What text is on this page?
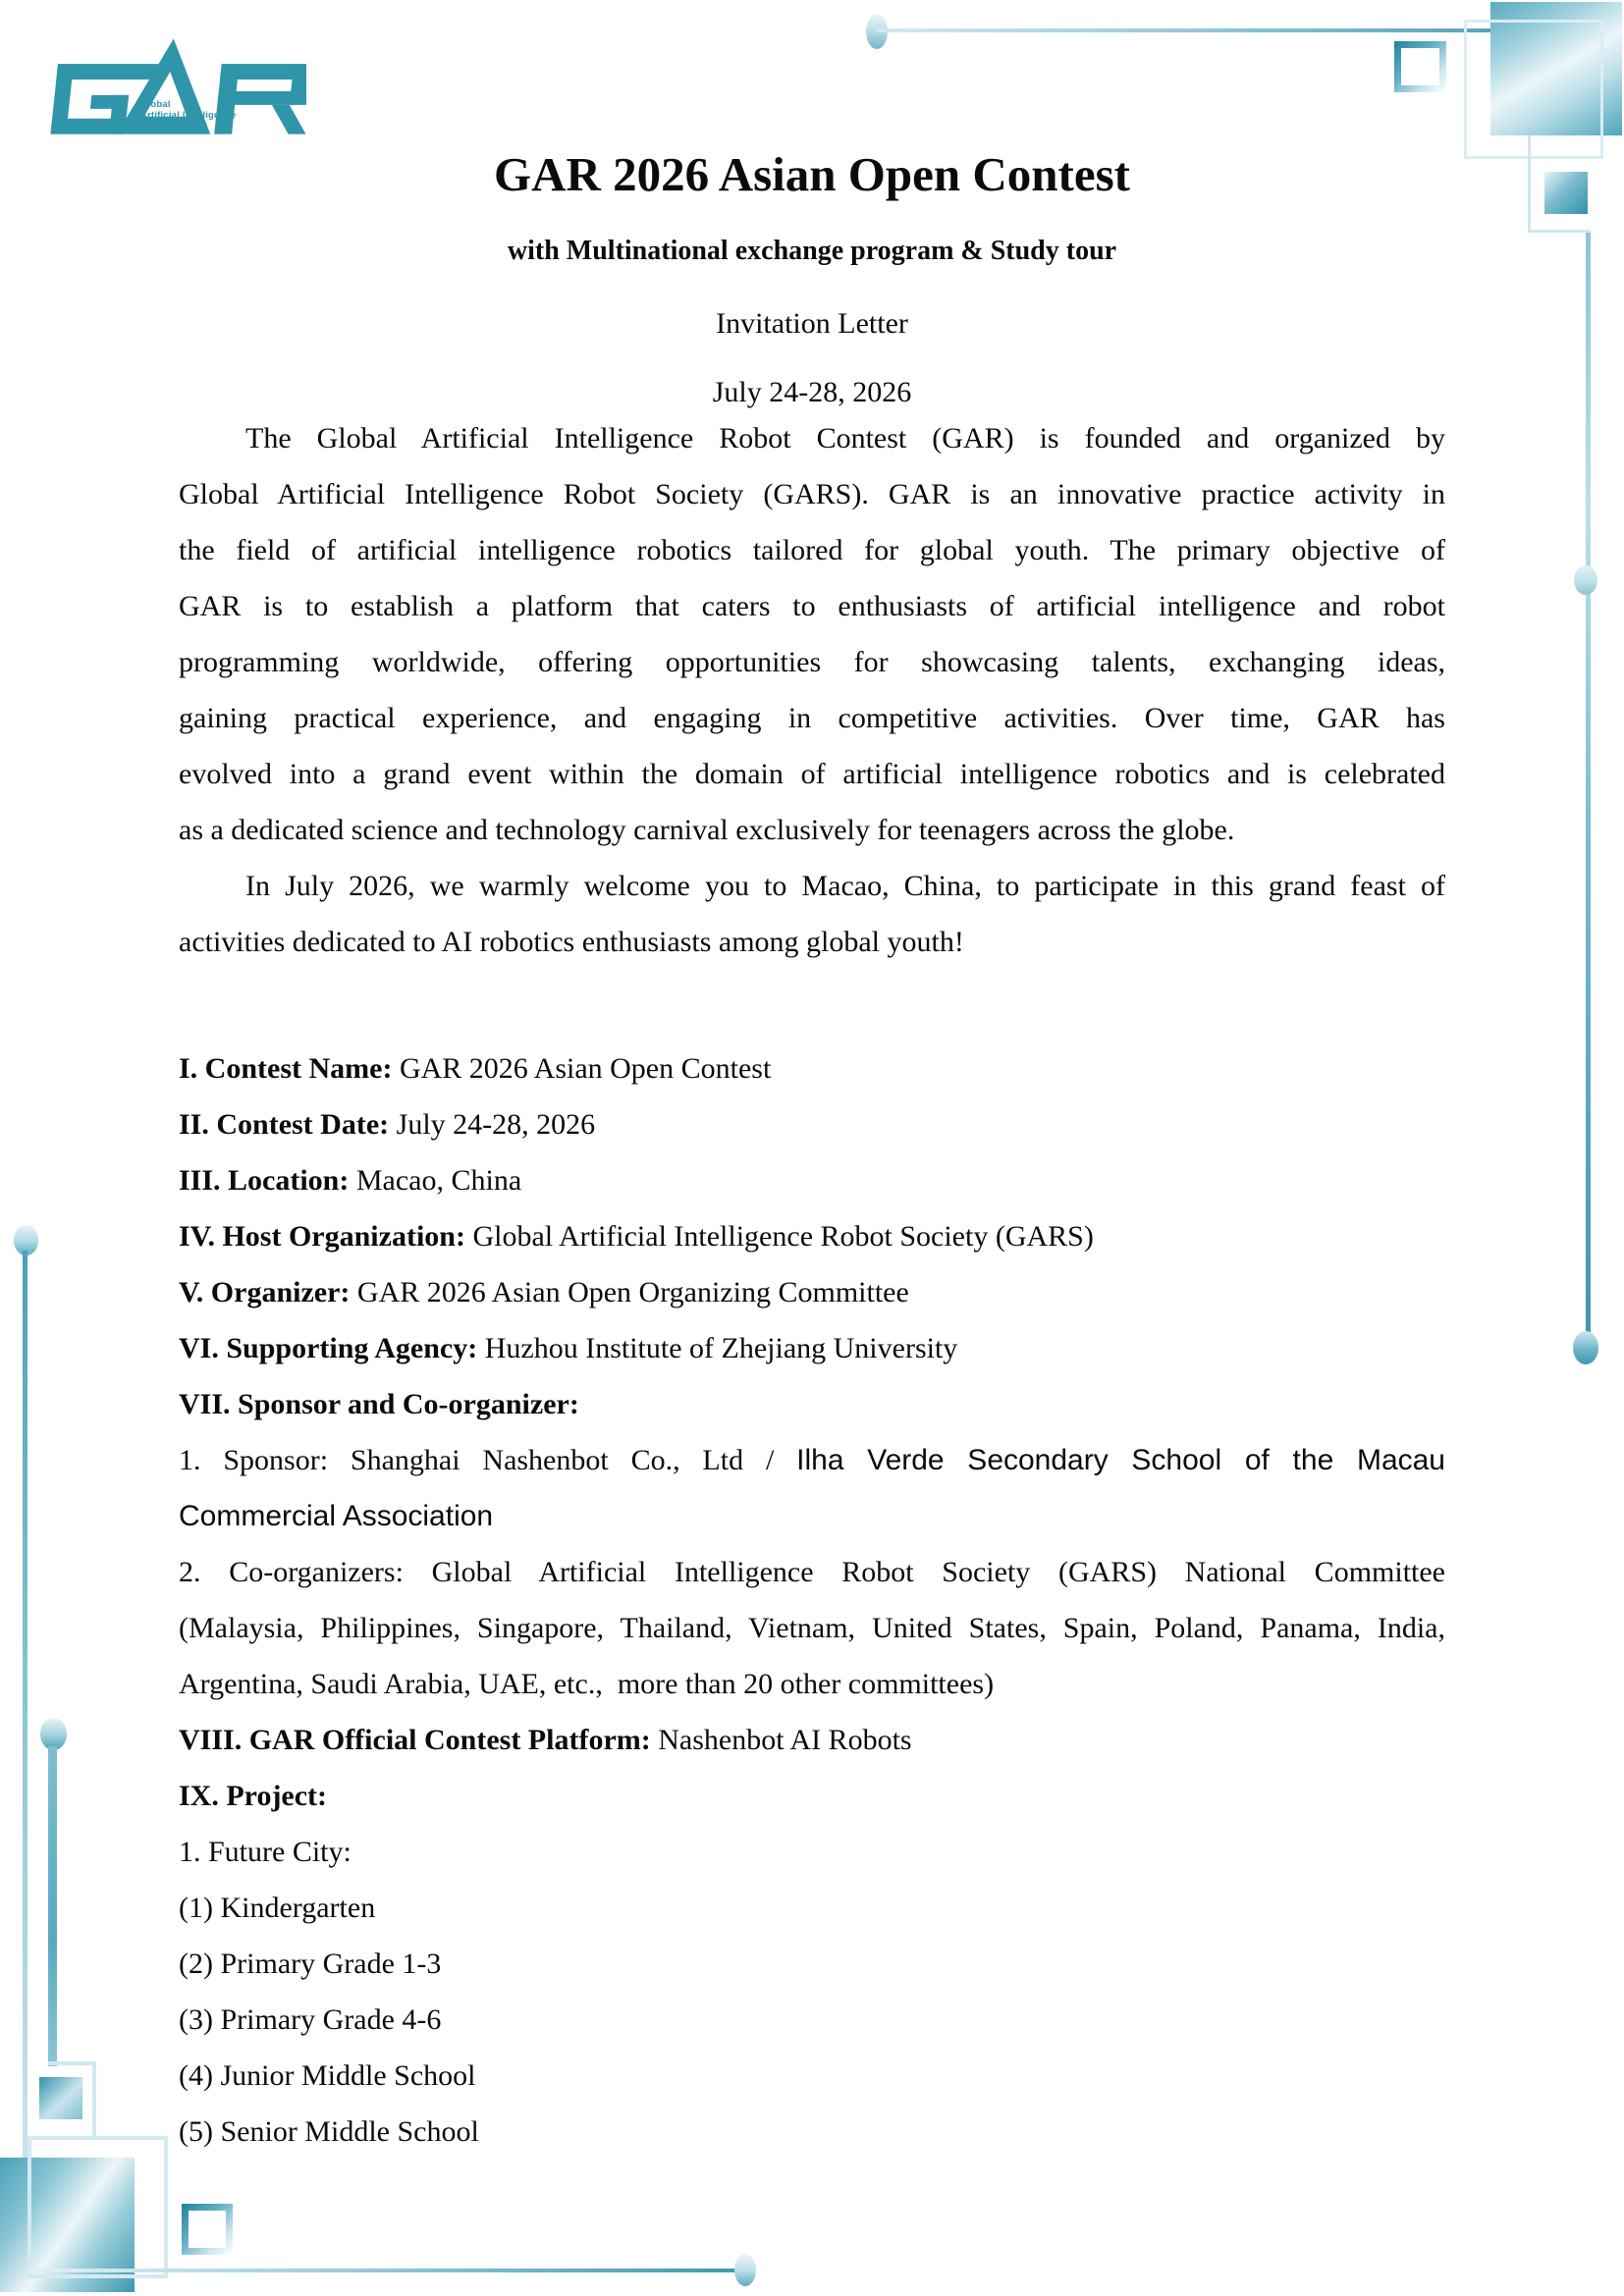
Global
Artificial Intelligence
Robot Contest
GAR 2026 Asian Open Contest
with Multinational exchange program & Study tour
Invitation Letter
July 24-28, 2026
The Global Artificial Intelligence Robot Contest (GAR) is founded and organized by
Global Artificial Intelligence Robot Society (GARS). GAR is an innovative practice activity in
the field of artificial intelligence robotics tailored for global youth. The primary objective of
GAR is to establish a platform that caters to enthusiasts of artificial intelligence and robot
programming worldwide, offering opportunities for showcasing talents, exchanging ideas,
gaining practical experience, and engaging in competitive activities. Over time, GAR has
evolved into a grand event within the domain of artificial intelligence robotics and is celebrated
as a dedicated science and technology carnival exclusively for teenagers across the globe.
In July 2026, we warmly welcome you to Macao, China, to participate in this grand feast of
activities dedicated to AI robotics enthusiasts among global youth!
I. Contest Name: GAR 2026 Asian Open Contest
II. Contest Date: July 24-28, 2026
III. Location: Macao, China
IV. Host Organization: Global Artificial Intelligence Robot Society (GARS)
V. Organizer: GAR 2026 Asian Open Organizing Committee
VI. Supporting Agency: Huzhou Institute of Zhejiang University
VII. Sponsor and Co-organizer:
1. Sponsor: Shanghai Nashenbot Co., Ltd / Ilha Verde Secondary School of the Macau
Commercial Association
2. Co-organizers: Global Artificial Intelligence Robot Society (GARS) National Committee
(Malaysia, Philippines, Singapore, Thailand, Vietnam, United States, Spain, Poland, Panama, India,
Argentina, Saudi Arabia, UAE, etc.,  more than 20 other committees)
VIII. GAR Official Contest Platform: Nashenbot AI Robots
IX. Project:
1. Future City:
(1) Kindergarten
(2) Primary Grade 1-3
(3) Primary Grade 4-6
(4) Junior Middle School
(5) Senior Middle School
